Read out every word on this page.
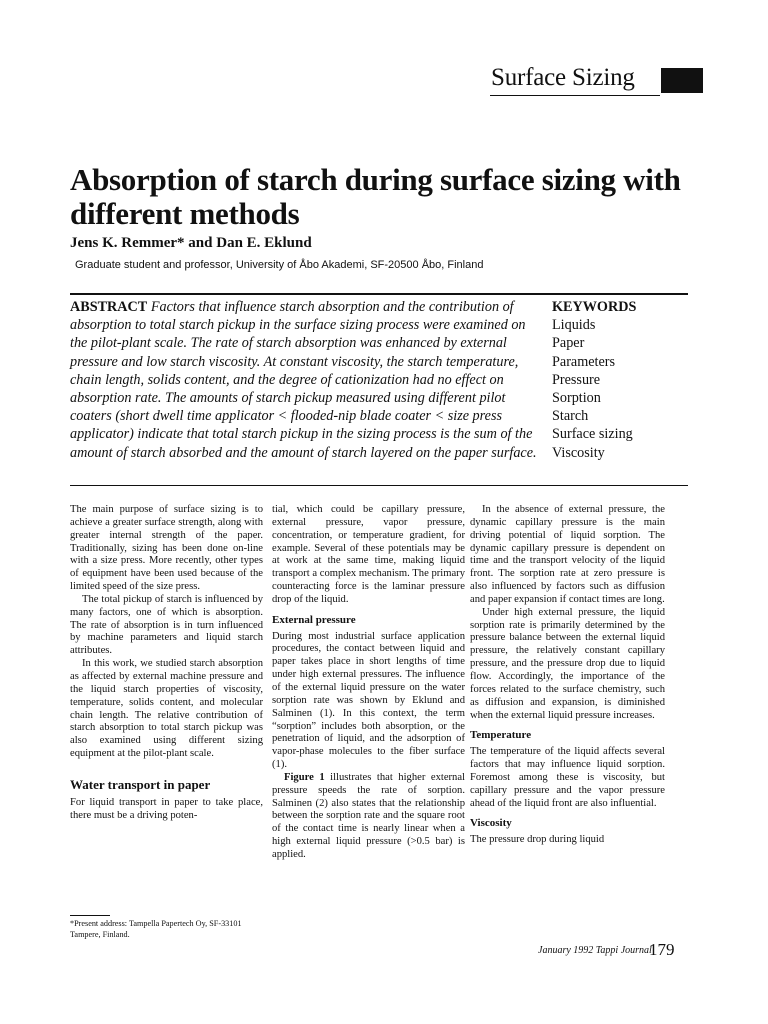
Surface Sizing
Absorption of starch during surface sizing with different methods
Jens K. Remmer* and Dan E. Eklund
Graduate student and professor, University of Åbo Akademi, SF-20500 Åbo, Finland
ABSTRACT Factors that influence starch absorption and the contribution of absorption to total starch pickup in the surface sizing process were examined on the pilot-plant scale. The rate of starch absorption was enhanced by external pressure and low starch viscosity. At constant viscosity, the starch temperature, chain length, solids content, and the degree of cationization had no effect on absorption rate. The amounts of starch pickup measured using different pilot coaters (short dwell time applicator < flooded-nip blade coater < size press applicator) indicate that total starch pickup in the sizing process is the sum of the amount of starch absorbed and the amount of starch layered on the paper surface.
KEYWORDS
Liquids
Paper
Parameters
Pressure
Sorption
Starch
Surface sizing
Viscosity

The main purpose of surface sizing is to achieve a greater surface strength, along with greater internal strength of the paper. Traditionally, sizing has been done on-line with a size press. More recently, other types of equipment have been used because of the limited speed of the size press.

The total pickup of starch is influenced by many factors, one of which is absorption. The rate of absorption is in turn influenced by machine parameters and liquid starch attributes.

In this work, we studied starch absorption as affected by external machine pressure and the liquid starch properties of viscosity, temperature, solids content, and molecular chain length. The relative contribution of starch absorption to total starch pickup was also examined using different sizing equipment at the pilot-plant scale.

Water transport in paper

For liquid transport in paper to take place, there must be a driving poten-

tial, which could be capillary pressure, external pressure, vapor pressure, concentration, or temperature gradient, for example. Several of these potentials may be at work at the same time, making liquid transport a complex mechanism. The primary counteracting force is the laminar pressure drop of the liquid.

External pressure

During most industrial surface application procedures, the contact between liquid and paper takes place in short lengths of time under high external pressures. The influence of the external liquid pressure on the water sorption rate was shown by Eklund and Salminen (1). In this context, the term “sorption” includes both absorption, or the penetration of liquid, and the adsorption of vapor-phase molecules to the fiber surface (1).

Figure 1 illustrates that higher external pressure speeds the rate of sorption. Salminen (2) also states that the relationship between the sorption rate and the square root of the contact time is nearly linear when a high external liquid pressure (>0.5 bar) is applied.

In the absence of external pressure, the dynamic capillary pressure is the main driving potential of liquid sorption. The dynamic capillary pressure is dependent on time and the transport velocity of the liquid front. The sorption rate at zero pressure is also influenced by factors such as diffusion and paper expansion if contact times are long.

Under high external pressure, the liquid sorption rate is primarily determined by the pressure balance between the external liquid pressure, the relatively constant capillary pressure, and the pressure drop due to liquid flow. Accordingly, the importance of the forces related to the surface chemistry, such as diffusion and expansion, is diminished when the external liquid pressure increases.

Temperature

The temperature of the liquid affects several factors that may influence liquid sorption. Foremost among these is viscosity, but capillary pressure and the vapor pressure ahead of the liquid front are also influential.

Viscosity

The pressure drop during liquid

*Present address: Tampella Papertech Oy, SF-33101 Tampere, Finland.
January 1992 Tappi Journal
179
